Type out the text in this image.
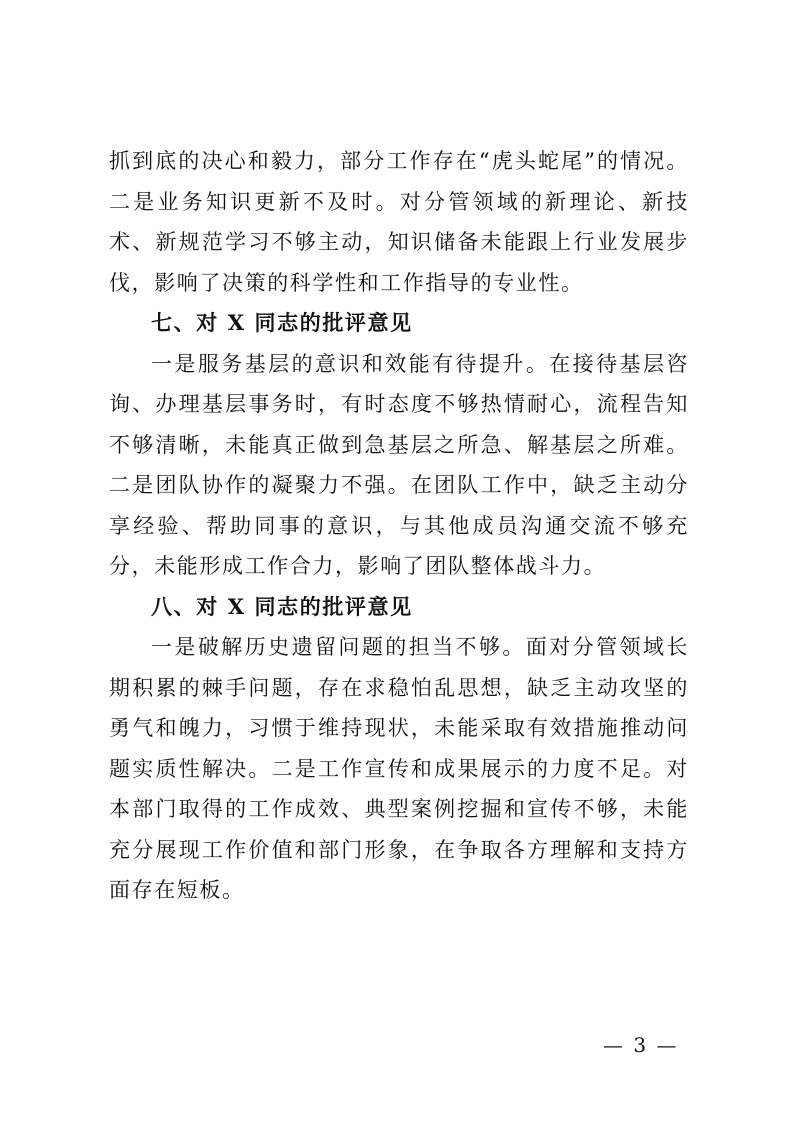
抓到底的决心和毅力，部分工作存在“虎头蛇尾”的情况。二是业务知识更新不及时。对分管领域的新理论、新技术、新规范学习不够主动，知识储备未能跟上行业发展步伐，影响了决策的科学性和工作指导的专业性。

七、对 X 同志的批评意见

一是服务基层的意识和效能有待提升。在接待基层咨询、办理基层事务时，有时态度不够热情耐心，流程告知不够清晰，未能真正做到急基层之所急、解基层之所难。二是团队协作的凝聚力不强。在团队工作中，缺乏主动分享经验、帮助同事的意识，与其他成员沟通交流不够充分，未能形成工作合力，影响了团队整体战斗力。

八、对 X 同志的批评意见

一是破解历史遗留问题的担当不够。面对分管领域长期积累的棘手问题，存在求稳怕乱思想，缺乏主动攻坚的勇气和魄力，习惯于维持现状，未能采取有效措施推动问题实质性解决。二是工作宣传和成果展示的力度不足。对本部门取得的工作成效、典型案例挖掘和宣传不够，未能充分展现工作价值和部门形象，在争取各方理解和支持方面存在短板。

— 3 —
